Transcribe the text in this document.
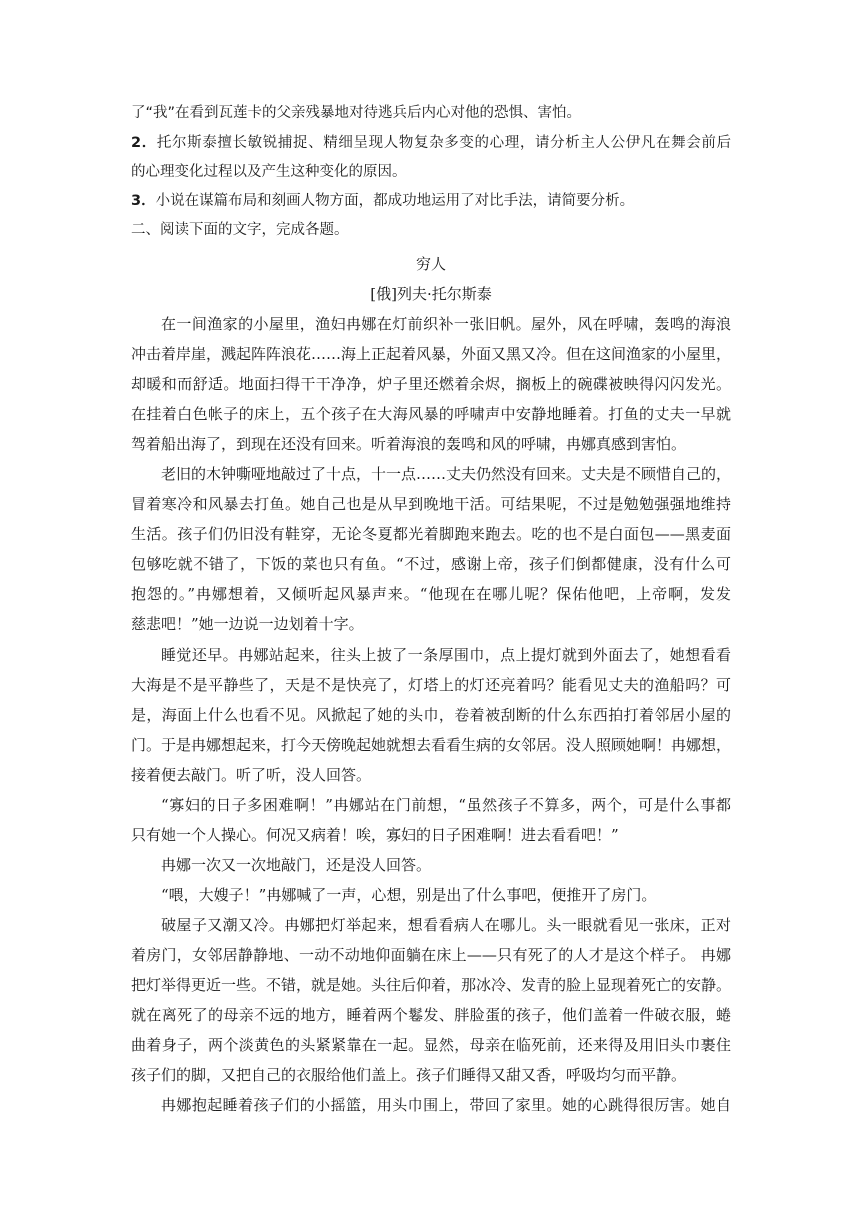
了“我”在看到瓦莲卡的父亲残暴地对待逃兵后内心对他的恐惧、害怕。
2．托尔斯泰擅长敏锐捕捉、精细呈现人物复杂多变的心理，请分析主人公伊凡在舞会前后
的心理变化过程以及产生这种变化的原因。
3．小说在谋篇布局和刻画人物方面，都成功地运用了对比手法，请简要分析。
二、阅读下面的文字，完成各题。
穷人
[俄]列夫·托尔斯泰
在一间渔家的小屋里，渔妇冉娜在灯前织补一张旧帆。屋外，风在呼啸，轰鸣的海浪
冲击着岸崖，溅起阵阵浪花……海上正起着风暴，外面又黑又冷。但在这间渔家的小屋里，
却暖和而舒适。地面扫得干干净净，炉子里还燃着余烬，搁板上的碗碟被映得闪闪发光。
在挂着白色帐子的床上，五个孩子在大海风暴的呼啸声中安静地睡着。打鱼的丈夫一早就
驾着船出海了，到现在还没有回来。听着海浪的轰鸣和风的呼啸，冉娜真感到害怕。
老旧的木钟嘶哑地敲过了十点，十一点……丈夫仍然没有回来。丈夫是不顾惜自己的，
冒着寒冷和风暴去打鱼。她自己也是从早到晚地干活。可结果呢，不过是勉勉强强地维持
生活。孩子们仍旧没有鞋穿，无论冬夏都光着脚跑来跑去。吃的也不是白面包——黑麦面
包够吃就不错了，下饭的菜也只有鱼。“不过，感谢上帝，孩子们倒都健康，没有什么可
抱怨的。”冉娜想着，又倾听起风暴声来。“他现在在哪儿呢？保佑他吧，上帝啊，发发
慈悲吧！”她一边说一边划着十字。
睡觉还早。冉娜站起来，往头上披了一条厚围巾，点上提灯就到外面去了，她想看看
大海是不是平静些了，天是不是快亮了，灯塔上的灯还亮着吗？能看见丈夫的渔船吗？可
是，海面上什么也看不见。风掀起了她的头巾，卷着被刮断的什么东西拍打着邻居小屋的
门。于是冉娜想起来，打今天傍晚起她就想去看看生病的女邻居。没人照顾她啊！冉娜想，
接着便去敲门。听了听，没人回答。
“寡妇的日子多困难啊！”冉娜站在门前想，“虽然孩子不算多，两个，可是什么事都
只有她一个人操心。何况又病着！唉，寡妇的日子困难啊！进去看看吧！”
冉娜一次又一次地敲门，还是没人回答。
“喂，大嫂子！”冉娜喊了一声，心想，别是出了什么事吧，便推开了房门。
破屋子又潮又冷。冉娜把灯举起来，想看看病人在哪儿。头一眼就看见一张床，正对
着房门，女邻居静静地、一动不动地仰面躺在床上——只有死了的人才是这个样子。 冉娜
把灯举得更近一些。不错，就是她。头往后仰着，那冰冷、发青的脸上显现着死亡的安静。
就在离死了的母亲不远的地方，睡着两个鬈发、胖脸蛋的孩子，他们盖着一件破衣服，蜷
曲着身子，两个淡黄色的头紧紧靠在一起。显然，母亲在临死前，还来得及用旧头巾裹住
孩子们的脚，又把自己的衣服给他们盖上。孩子们睡得又甜又香，呼吸均匀而平静。
冉娜抱起睡着孩子们的小摇篮，用头巾围上，带回了家里。她的心跳得很厉害。她自
